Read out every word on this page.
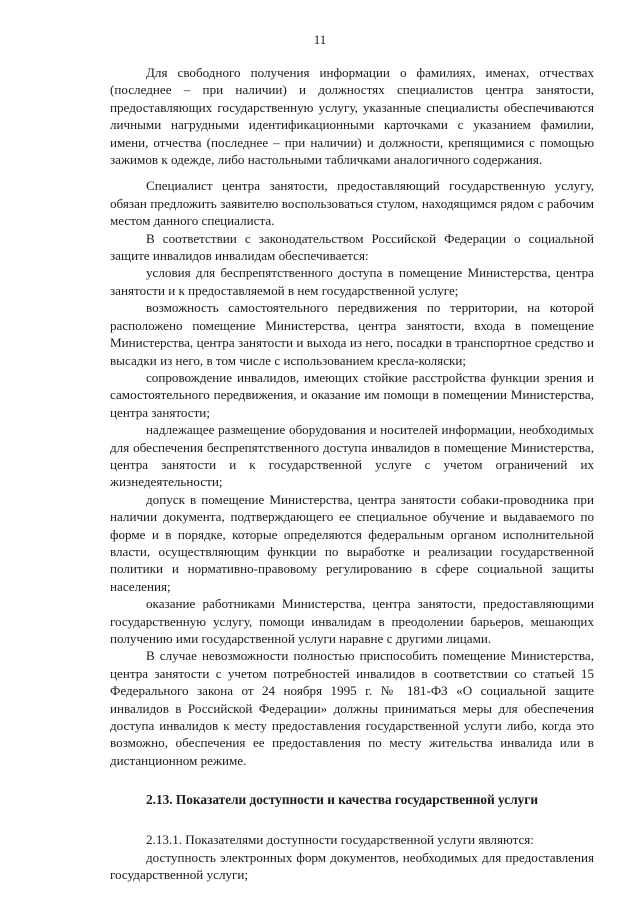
11

Для свободного получения информации о фамилиях, именах, отчествах (последнее – при наличии) и должностях специалистов центра занятости, предоставляющих государственную услугу, указанные специалисты обеспечиваются личными нагрудными идентификационными карточками с указанием фамилии, имени, отчества (последнее – при наличии) и должности, крепящимися с помощью зажимов к одежде, либо настольными табличками аналогичного содержания.

Специалист центра занятости, предоставляющий государственную услугу, обязан предложить заявителю воспользоваться стулом, находящимся рядом с рабочим местом данного специалиста.

В соответствии с законодательством Российской Федерации о социальной защите инвалидов инвалидам обеспечивается:

условия для беспрепятственного доступа в помещение Министерства, центра занятости и к предоставляемой в нем государственной услуге;

возможность самостоятельного передвижения по территории, на которой расположено помещение Министерства, центра занятости, входа в помещение Министерства, центра занятости и выхода из него, посадки в транспортное средство и высадки из него, в том числе с использованием кресла-коляски;

сопровождение инвалидов, имеющих стойкие расстройства функции зрения и самостоятельного передвижения, и оказание им помощи в помещении Министерства, центра занятости;

надлежащее размещение оборудования и носителей информации, необходимых для обеспечения беспрепятственного доступа инвалидов в помещение Министерства, центра занятости и к государственной услуге с учетом ограничений их жизнедеятельности;

допуск в помещение Министерства, центра занятости собаки-проводника при наличии документа, подтверждающего ее специальное обучение и выдаваемого по форме и в порядке, которые определяются федеральным органом исполнительной власти, осуществляющим функции по выработке и реализации государственной политики и нормативно-правовому регулированию в сфере социальной защиты населения;

оказание работниками Министерства, центра занятости, предоставляющими государственную услугу, помощи инвалидам в преодолении барьеров, мешающих получению ими государственной услуги наравне с другими лицами.

В случае невозможности полностью приспособить помещение Министерства, центра занятости с учетом потребностей инвалидов в соответствии со статьей 15 Федерального закона от 24 ноября 1995 г. № 181-ФЗ «О социальной защите инвалидов в Российской Федерации» должны приниматься меры для обеспечения доступа инвалидов к месту предоставления государственной услуги либо, когда это возможно, обеспечения ее предоставления по месту жительства инвалида или в дистанционном режиме.

2.13. Показатели доступности и качества государственной услуги

2.13.1. Показателями доступности государственной услуги являются:

доступность электронных форм документов, необходимых для предоставления государственной услуги;
